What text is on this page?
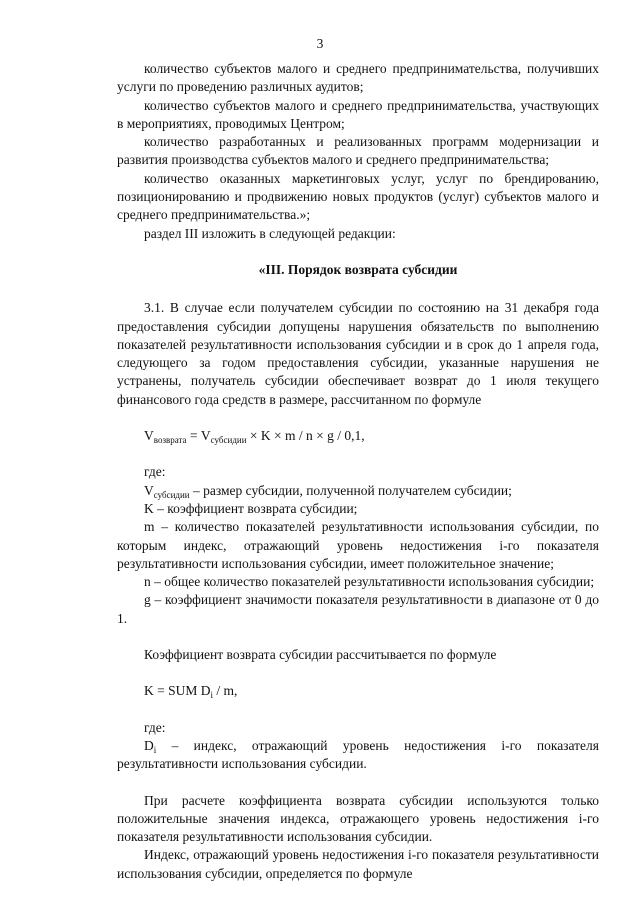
3

количество субъектов малого и среднего предпринимательства, получивших услуги по проведению различных аудитов;

количество субъектов малого и среднего предпринимательства, участвующих в мероприятиях, проводимых Центром;

количество разработанных и реализованных программ модернизации и развития производства субъектов малого и среднего предпринимательства;

количество оказанных маркетинговых услуг, услуг по брендированию, позиционированию и продвижению новых продуктов (услуг) субъектов малого и среднего предпринимательства.»;

раздел III изложить в следующей редакции:

«III. Порядок возврата субсидии

3.1. В случае если получателем субсидии по состоянию на 31 декабря года предоставления субсидии допущены нарушения обязательств по выполнению показателей результативности использования субсидии и в срок до 1 апреля года, следующего за годом предоставления субсидии, указанные нарушения не устранены, получатель субсидии обеспечивает возврат до 1 июля текущего финансового года средств в размере, рассчитанном по формуле

$V_{возврата} = V_{субсидии} \times K \times m / n \times g / 0,1$,

где:

$V_{субсидии}$ – размер субсидии, полученной получателем субсидии;

K – коэффициент возврата субсидии;

m – количество показателей результативности использования субсидии, по которым индекс, отражающий уровень недостижения i-го показателя результативности использования субсидии, имеет положительное значение;

n – общее количество показателей результативности использования субсидии;

g – коэффициент значимости показателя результативности в диапазоне от 0 до 1.

Коэффициент возврата субсидии рассчитывается по формуле

K = SUM $D_i$ / m,

где:

$D_i$ – индекс, отражающий уровень недостижения i-го показателя результативности использования субсидии.

При расчете коэффициента возврата субсидии используются только положительные значения индекса, отражающего уровень недостижения i-го показателя результативности использования субсидии.

Индекс, отражающий уровень недостижения i-го показателя результативности использования субсидии, определяется по формуле
